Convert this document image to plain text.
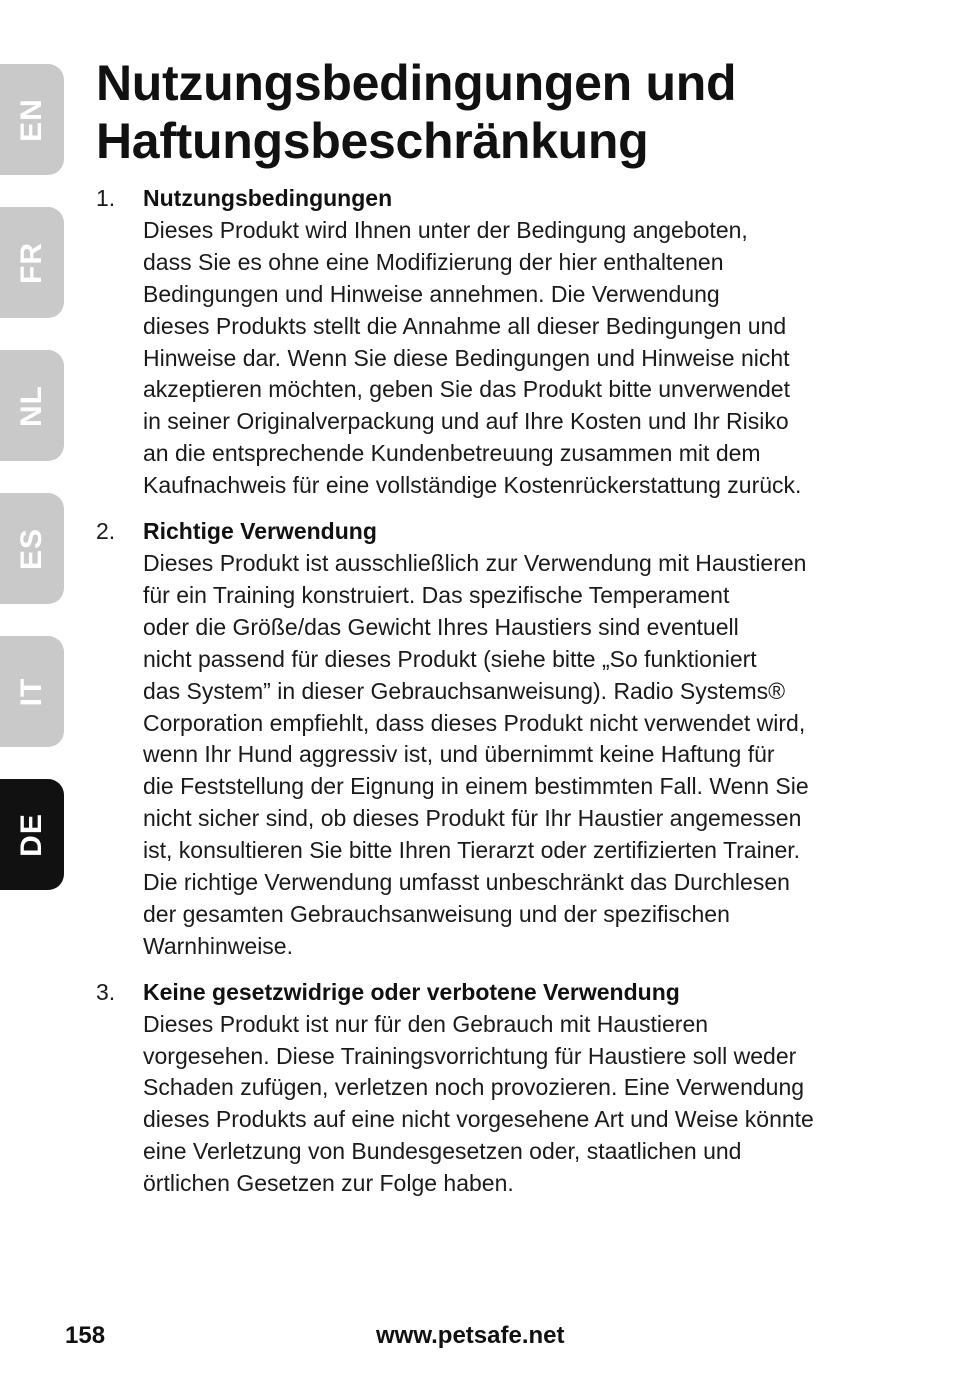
EN
FR
NL
ES
IT
DE
Nutzungsbedingungen und
Haftungsbeschränkung
1. Nutzungsbedingungen
Dieses Produkt wird Ihnen unter der Bedingung angeboten,
dass Sie es ohne eine Modifizierung der hier enthaltenen
Bedingungen und Hinweise annehmen. Die Verwendung
dieses Produkts stellt die Annahme all dieser Bedingungen und
Hinweise dar. Wenn Sie diese Bedingungen und Hinweise nicht
akzeptieren möchten, geben Sie das Produkt bitte unverwendet
in seiner Originalverpackung und auf Ihre Kosten und Ihr Risiko
an die entsprechende Kundenbetreuung zusammen mit dem
Kaufnachweis für eine vollständige Kostenrückerstattung zurück.
2. Richtige Verwendung
Dieses Produkt ist ausschließlich zur Verwendung mit Haustieren
für ein Training konstruiert. Das spezifische Temperament
oder die Größe/das Gewicht Ihres Haustiers sind eventuell
nicht passend für dieses Produkt (siehe bitte „So funktioniert
das System” in dieser Gebrauchsanweisung). Radio Systems®
Corporation empfiehlt, dass dieses Produkt nicht verwendet wird,
wenn Ihr Hund aggressiv ist, und übernimmt keine Haftung für
die Feststellung der Eignung in einem bestimmten Fall. Wenn Sie
nicht sicher sind, ob dieses Produkt für Ihr Haustier angemessen
ist, konsultieren Sie bitte Ihren Tierarzt oder zertifizierten Trainer.
Die richtige Verwendung umfasst unbeschränkt das Durchlesen
der gesamten Gebrauchsanweisung und der spezifischen
Warnhinweise.
3. Keine gesetzwidrige oder verbotene Verwendung
Dieses Produkt ist nur für den Gebrauch mit Haustieren
vorgesehen. Diese Trainingsvorrichtung für Haustiere soll weder
Schaden zufügen, verletzen noch provozieren. Eine Verwendung
dieses Produkts auf eine nicht vorgesehene Art und Weise könnte
eine Verletzung von Bundesgesetzen oder, staatlichen und
örtlichen Gesetzen zur Folge haben.
158	www.petsafe.net
